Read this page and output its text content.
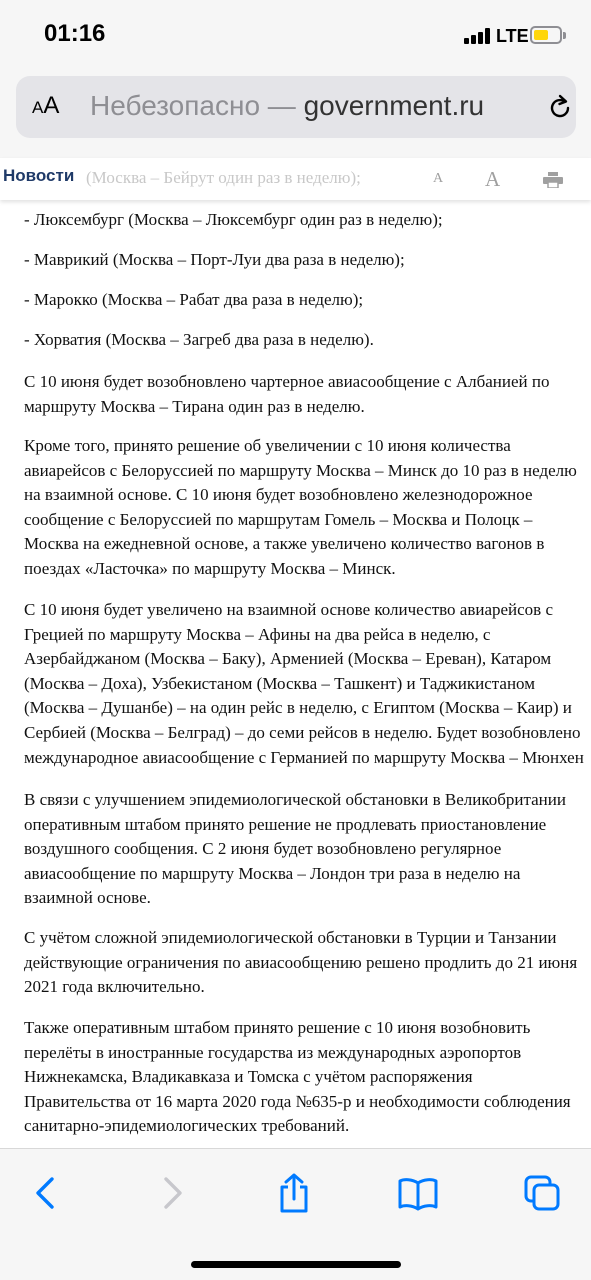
01:16	LTE
AA Небезопасно — government.ru
(Москва – Бейрут один раз в неделю);
Новости	A A

- Люксембург (Москва – Люксембург один раз в неделю);

- Маврикий (Москва – Порт-Луи два раза в неделю);

- Марокко (Москва – Рабат два раза в неделю);

- Хорватия (Москва – Загреб два раза в неделю).

С 10 июня будет возобновлено чартерное авиасообщение с Албанией по

маршруту Москва – Тирана один раз в неделю.

Кроме того, принято решение об увеличении с 10 июня количества

авиарейсов с Белоруссией по маршруту Москва – Минск до 10 раз в неделю

на взаимной основе. С 10 июня будет возобновлено железнодорожное

сообщение с Белоруссией по маршрутам Гомель – Москва и Полоцк –

Москва на ежедневной основе, а также увеличено количество вагонов в

поездах «Ласточка» по маршруту Москва – Минск.

С 10 июня будет увеличено на взаимной основе количество авиарейсов с

Грецией по маршруту Москва – Афины на два рейса в неделю, с

Азербайджаном (Москва – Баку), Арменией (Москва – Ереван), Катаром

(Москва – Доха), Узбекистаном (Москва – Ташкент) и Таджикистаном

(Москва – Душанбе) – на один рейс в неделю, с Египтом (Москва – Каир) и

Сербией (Москва – Белград) – до семи рейсов в неделю. Будет возобновлено

международное авиасообщение с Германией по маршруту Москва – Мюнхен

В связи с улучшением эпидемиологической обстановки в Великобритании

оперативным штабом принято решение не продлевать приостановление

воздушного сообщения. С 2 июня будет возобновлено регулярное

авиасообщение по маршруту Москва – Лондон три раза в неделю на

взаимной основе.

С учётом сложной эпидемиологической обстановки в Турции и Танзании

действующие ограничения по авиасообщению решено продлить до 21 июня

2021 года включительно.

Также оперативным штабом принято решение с 10 июня возобновить

перелёты в иностранные государства из международных аэропортов

Нижнекамска, Владикавказа и Томска с учётом распоряжения

Правительства от 16 марта 2020 года №635-р и необходимости соблюдения

санитарно-эпидемиологических требований.
